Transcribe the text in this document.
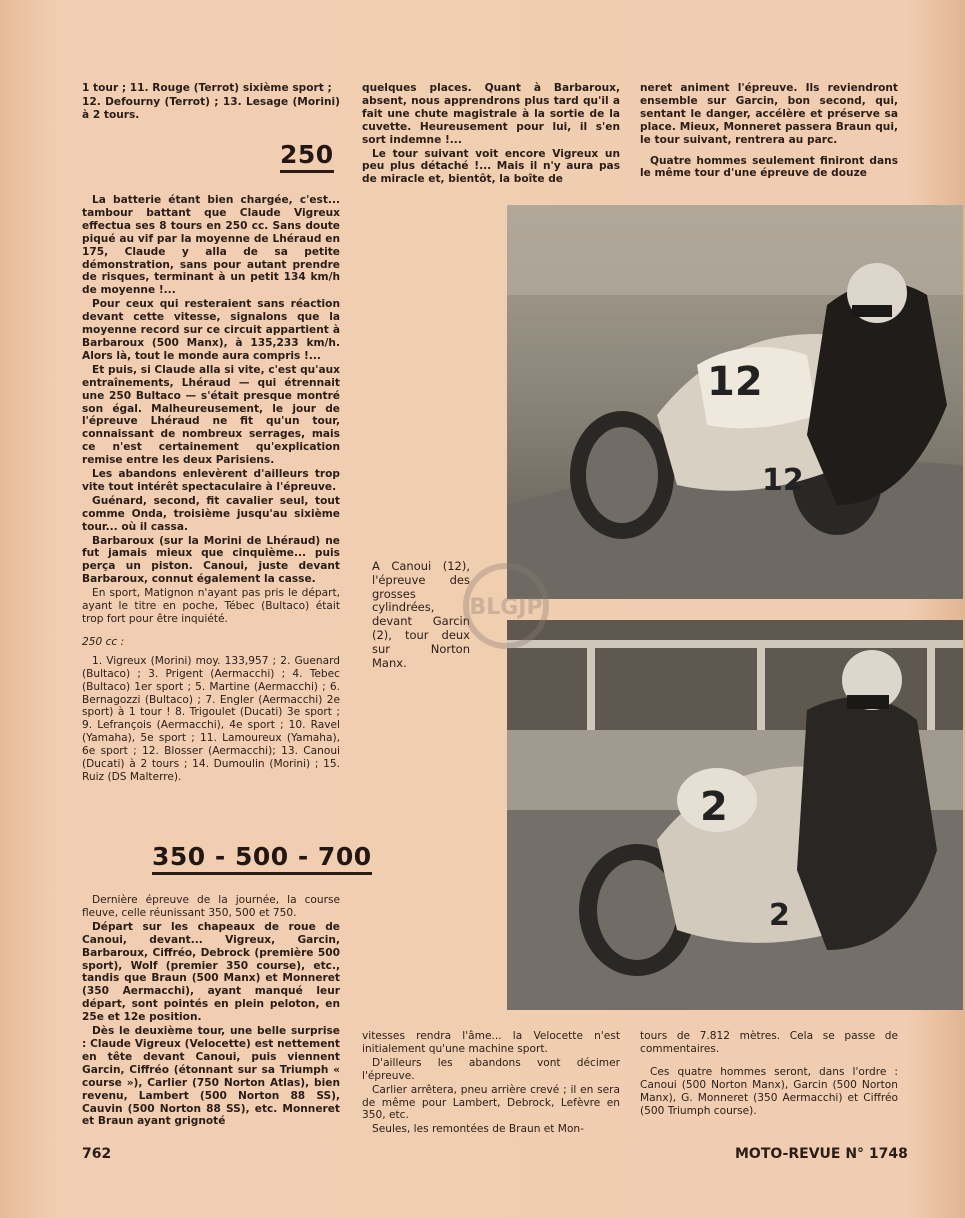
1 tour ; 11. Rouge (Terrot) sixième sport ;

12. Defourny (Terrot) ; 13. Lesage (Morini) à 2 tours.

250

La batterie étant bien chargée, c'est... tambour battant que Claude Vigreux effectua ses 8 tours en 250 cc. Sans doute piqué au vif par la moyenne de Lhéraud en 175, Claude y alla de sa petite démonstration, sans pour autant prendre de risques, terminant à un petit 134 km/h de moyenne !...

Pour ceux qui resteraient sans réaction devant cette vitesse, signalons que la moyenne record sur ce circuit appartient à Barbaroux (500 Manx), à 135,233 km/h. Alors là, tout le monde aura compris !...

Et puis, si Claude alla si vite, c'est qu'aux entraînements, Lhéraud — qui étrennait une 250 Bultaco — s'était presque montré son égal. Malheureusement, le jour de l'épreuve Lhéraud ne fit qu'un tour, connaissant de nombreux serrages, mais ce n'est certainement qu'explication remise entre les deux Parisiens.

Les abandons enlevèrent d'ailleurs trop vite tout intérêt spectaculaire à l'épreuve.

Guénard, second, fit cavalier seul, tout comme Onda, troisième jusqu'au sixième tour... où il cassa.

Barbaroux (sur la Morini de Lhéraud) ne fut jamais mieux que cinquième... puis perça un piston. Canoui, juste devant Barbaroux, connut également la casse.

En sport, Matignon n'ayant pas pris le départ, ayant le titre en poche, Tébec (Bultaco) était trop fort pour être inquiété.

250 cc :

1. Vigreux (Morini) moy. 133,957 ; 2. Guenard (Bultaco) ; 3. Prigent (Aermacchi) ; 4. Tebec (Bultaco) 1er sport ; 5. Martine (Aermacchi) ; 6. Bernagozzi (Bultaco) ; 7. Engler (Aermacchi) 2e sport) à 1 tour ! 8. Trigoulet (Ducati) 3e sport ; 9. Lefrançois (Aermacchi), 4e sport ; 10. Ravel (Yamaha), 5e sport ; 11. Lamoureux (Yamaha), 6e sport ; 12. Blosser (Aermacchi); 13. Canoui (Ducati) à 2 tours ; 14. Dumoulin (Morini) ; 15. Ruiz (DS Malterre).

350 - 500 - 700

Dernière épreuve de la journée, la course fleuve, celle réunissant 350, 500 et 750.

Départ sur les chapeaux de roue de Canoui, devant... Vigreux, Garcin, Barbaroux, Ciffréo, Debrock (première 500 sport), Wolf (premier 350 course), etc., tandis que Braun (500 Manx) et Monneret (350 Aermacchi), ayant manqué leur départ, sont pointés en plein peloton, en 25e et 12e position.

Dès le deuxième tour, une belle surprise : Claude Vigreux (Velocette) est nettement en tête devant Canoui, puis viennent Garcin, Ciffréo (étonnant sur sa Triumph « course »), Carlier (750 Norton Atlas), bien revenu, Lambert (500 Norton 88 SS), Cauvin (500 Norton 88 SS), etc. Monneret et Braun ayant grignoté

quelques places. Quant à Barbaroux, absent, nous apprendrons plus tard qu'il a fait une chute magistrale à la sortie de la cuvette. Heureusement pour lui, il s'en sort indemne !...

Le tour suivant voit encore Vigreux un peu plus détaché !... Mais il n'y aura pas de miracle et, bientôt, la boîte de

neret animent l'épreuve. Ils reviendront ensemble sur Garcin, bon second, qui, sentant le danger, accélère et préserve sa place. Mieux, Monneret passera Braun qui, le tour suivant, rentrera au parc.

Quatre hommes seulement finiront dans le même tour d'une épreuve de douze

12
12
2
2
A Canoui (12), l'épreuve des grosses cylindrées, devant Garcin (2), tour deux sur Norton Manx.
BLGJP

vitesses rendra l'âme... la Velocette n'est initialement qu'une machine sport.

D'ailleurs les abandons vont décimer l'épreuve.

Carlier arrêtera, pneu arrière crevé ; il en sera de même pour Lambert, Debrock, Lefèvre en 350, etc.

Seules, les remontées de Braun et Mon-

tours de 7.812 mètres. Cela se passe de commentaires.

Ces quatre hommes seront, dans l'ordre : Canoui (500 Norton Manx), Garcin (500 Norton Manx), G. Monneret (350 Aermacchi) et Ciffréo (500 Triumph course).

762	MOTO-REVUE N° 1748
